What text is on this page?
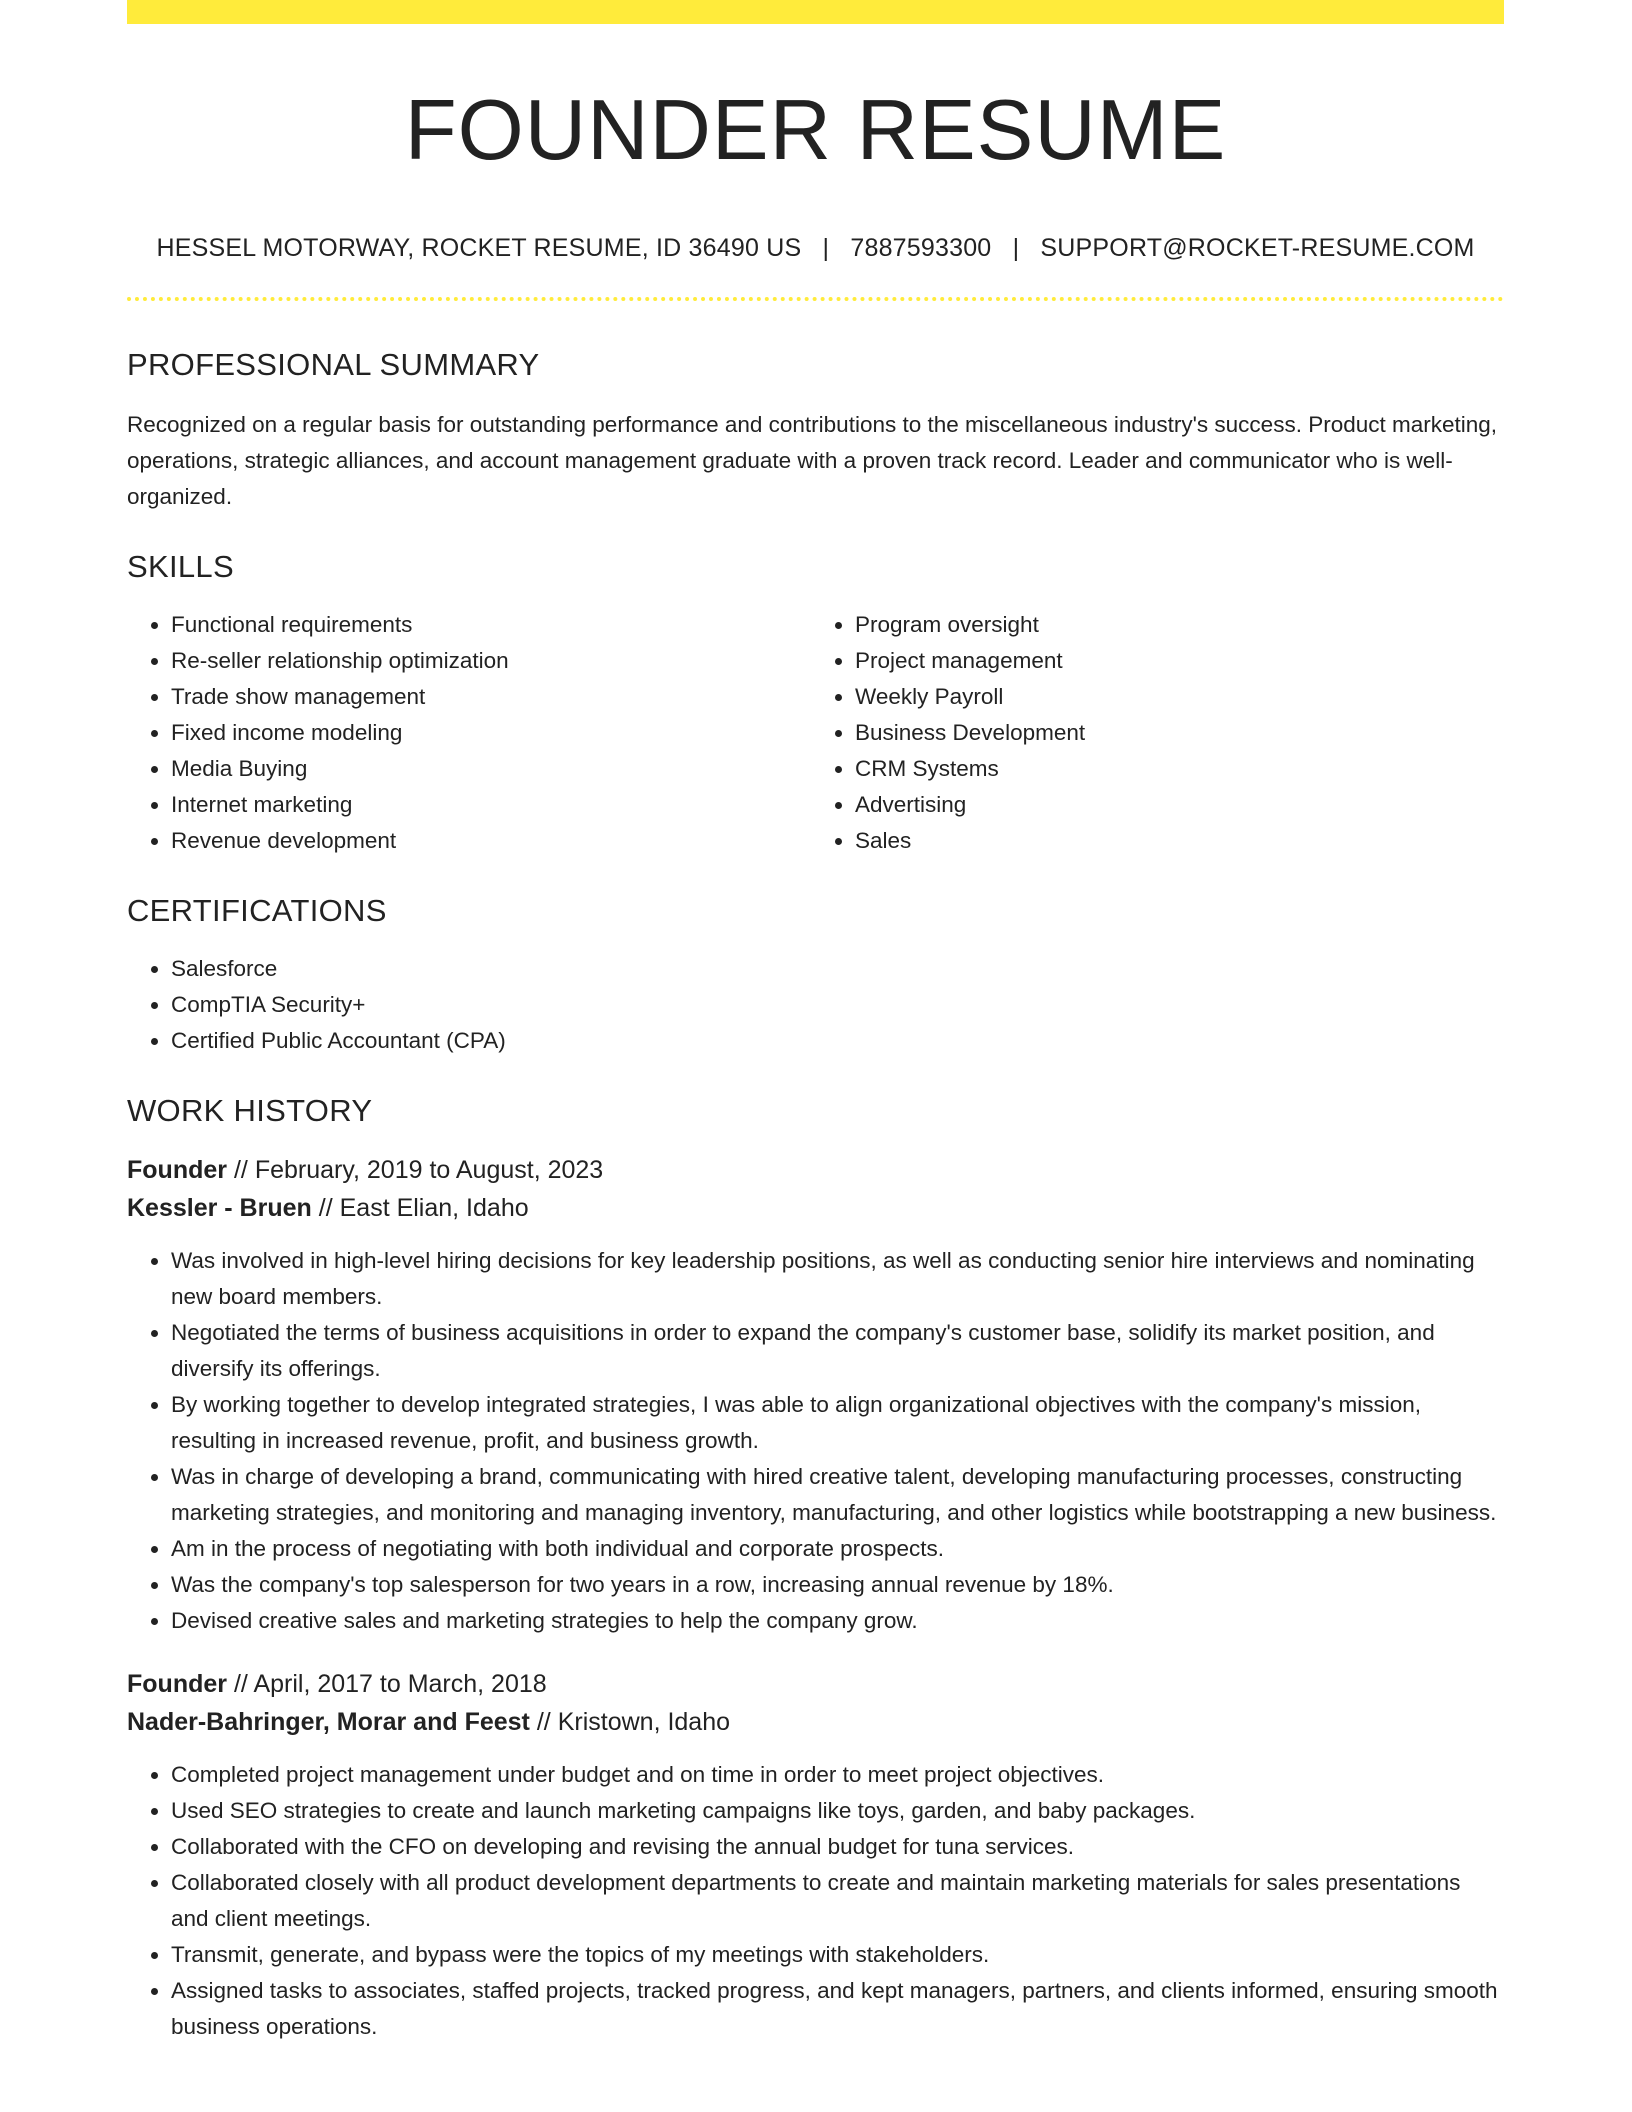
FOUNDER RESUME
HESSEL MOTORWAY, ROCKET RESUME, ID 36490 US | 7887593300 | SUPPORT@ROCKET-RESUME.COM
PROFESSIONAL SUMMARY
Recognized on a regular basis for outstanding performance and contributions to the miscellaneous industry's success. Product marketing, operations, strategic alliances, and account management graduate with a proven track record. Leader and communicator who is well-organized.
SKILLS
• Functional requirements
• Re-seller relationship optimization
• Trade show management
• Fixed income modeling
• Media Buying
• Internet marketing
• Revenue development
• Program oversight
• Project management
• Weekly Payroll
• Business Development
• CRM Systems
• Advertising
• Sales
CERTIFICATIONS
• Salesforce
• CompTIA Security+
• Certified Public Accountant (CPA)
WORK HISTORY
Founder // February, 2019 to August, 2023
Kessler - Bruen // East Elian, Idaho
• Was involved in high-level hiring decisions for key leadership positions, as well as conducting senior hire interviews and nominating new board members.
• Negotiated the terms of business acquisitions in order to expand the company's customer base, solidify its market position, and diversify its offerings.
• By working together to develop integrated strategies, I was able to align organizational objectives with the company's mission, resulting in increased revenue, profit, and business growth.
• Was in charge of developing a brand, communicating with hired creative talent, developing manufacturing processes, constructing marketing strategies, and monitoring and managing inventory, manufacturing, and other logistics while bootstrapping a new business.
• Am in the process of negotiating with both individual and corporate prospects.
• Was the company's top salesperson for two years in a row, increasing annual revenue by 18%.
• Devised creative sales and marketing strategies to help the company grow.
Founder // April, 2017 to March, 2018
Nader-Bahringer, Morar and Feest // Kristown, Idaho
• Completed project management under budget and on time in order to meet project objectives.
• Used SEO strategies to create and launch marketing campaigns like toys, garden, and baby packages.
• Collaborated with the CFO on developing and revising the annual budget for tuna services.
• Collaborated closely with all product development departments to create and maintain marketing materials for sales presentations and client meetings.
• Transmit, generate, and bypass were the topics of my meetings with stakeholders.
• Assigned tasks to associates, staffed projects, tracked progress, and kept managers, partners, and clients informed, ensuring smooth business operations.
